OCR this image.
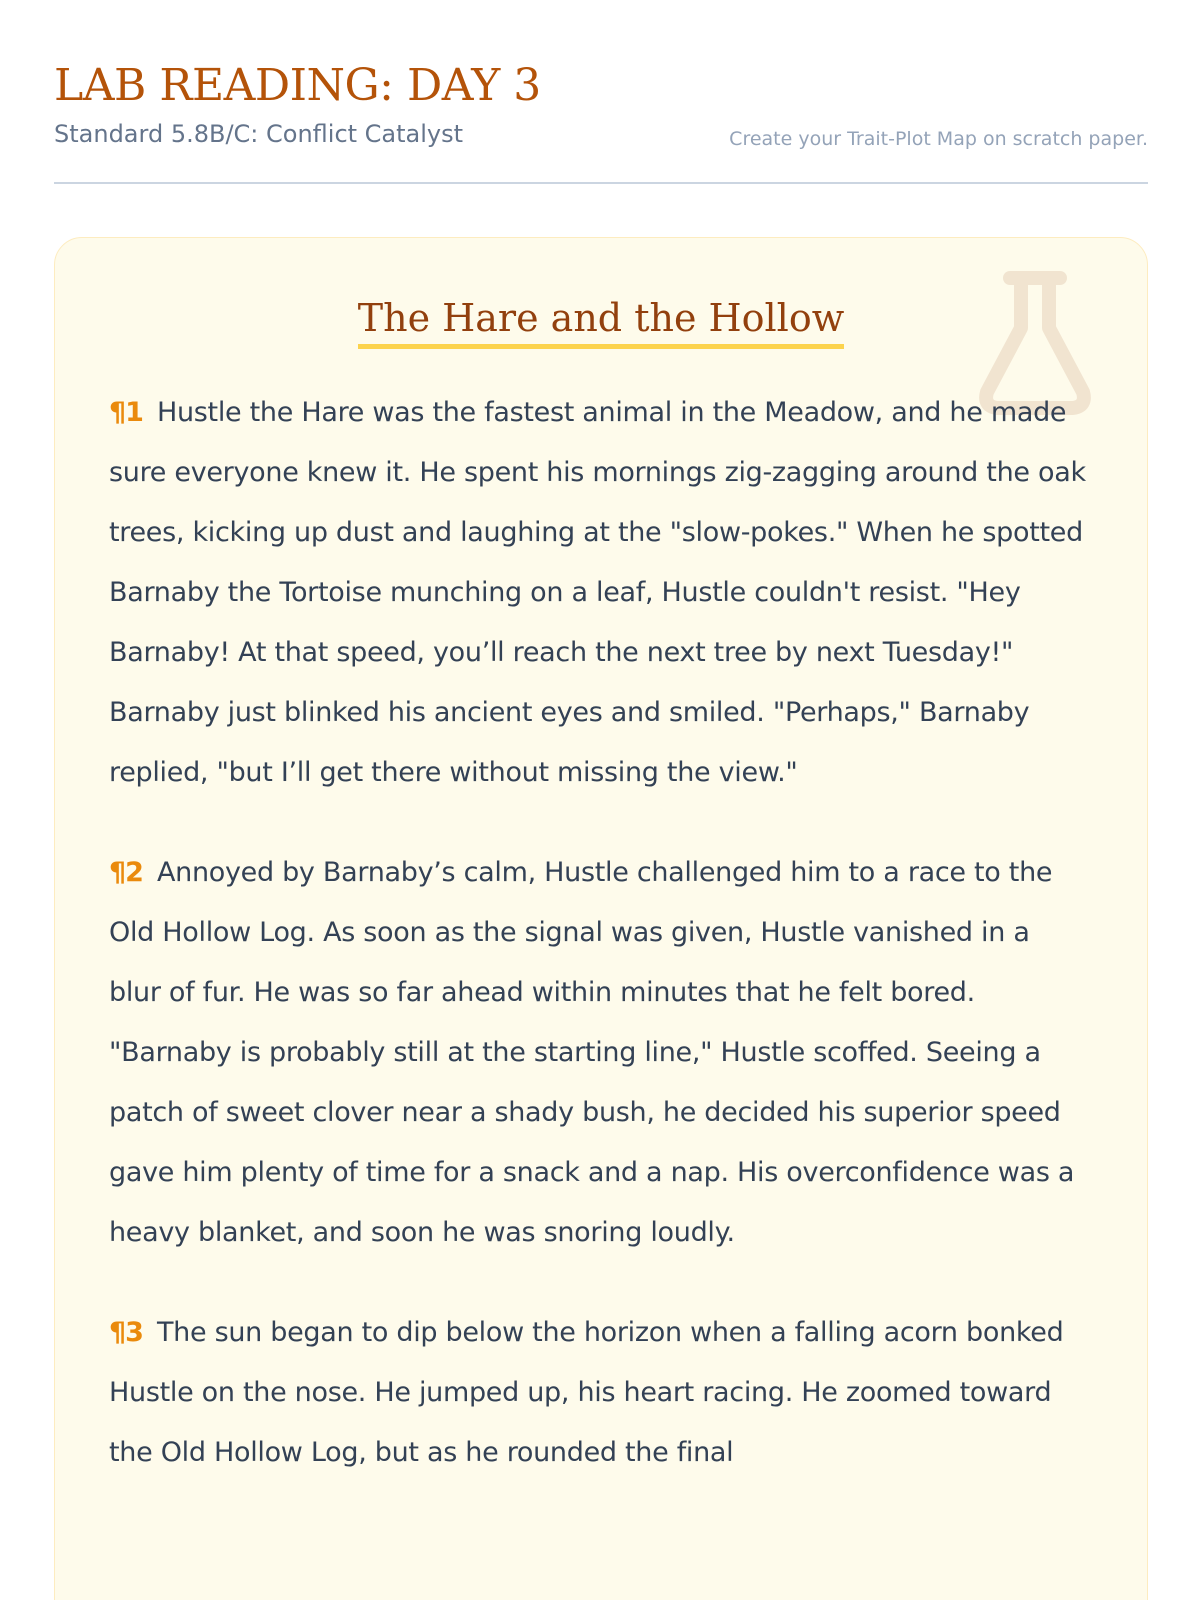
LAB READING: DAY 3
Standard 5.8B/C: Conflict Catalyst	Create your Trait-Plot Map on scratch paper.
The Hare and the Hollow

¶1 Hustle the Hare was the fastest animal in the Meadow, and he made sure everyone knew it. He spent his mornings zig-zagging around the oak trees, kicking up dust and laughing at the "slow-pokes." When he spotted Barnaby the Tortoise munching on a leaf, Hustle couldn't resist. "Hey Barnaby! At that speed, you’ll reach the next tree by next Tuesday!" Barnaby just blinked his ancient eyes and smiled. "Perhaps," Barnaby replied, "but I’ll get there without missing the view."

¶2 Annoyed by Barnaby’s calm, Hustle challenged him to a race to the Old Hollow Log. As soon as the signal was given, Hustle vanished in a blur of fur. He was so far ahead within minutes that he felt bored. "Barnaby is probably still at the starting line," Hustle scoffed. Seeing a patch of sweet clover near a shady bush, he decided his superior speed gave him plenty of time for a snack and a nap. His overconfidence was a heavy blanket, and soon he was snoring loudly.

¶3 The sun began to dip below the horizon when a falling acorn bonked Hustle on the nose. He jumped up, his heart racing. He zoomed toward the Old Hollow Log, but as he rounded the final
